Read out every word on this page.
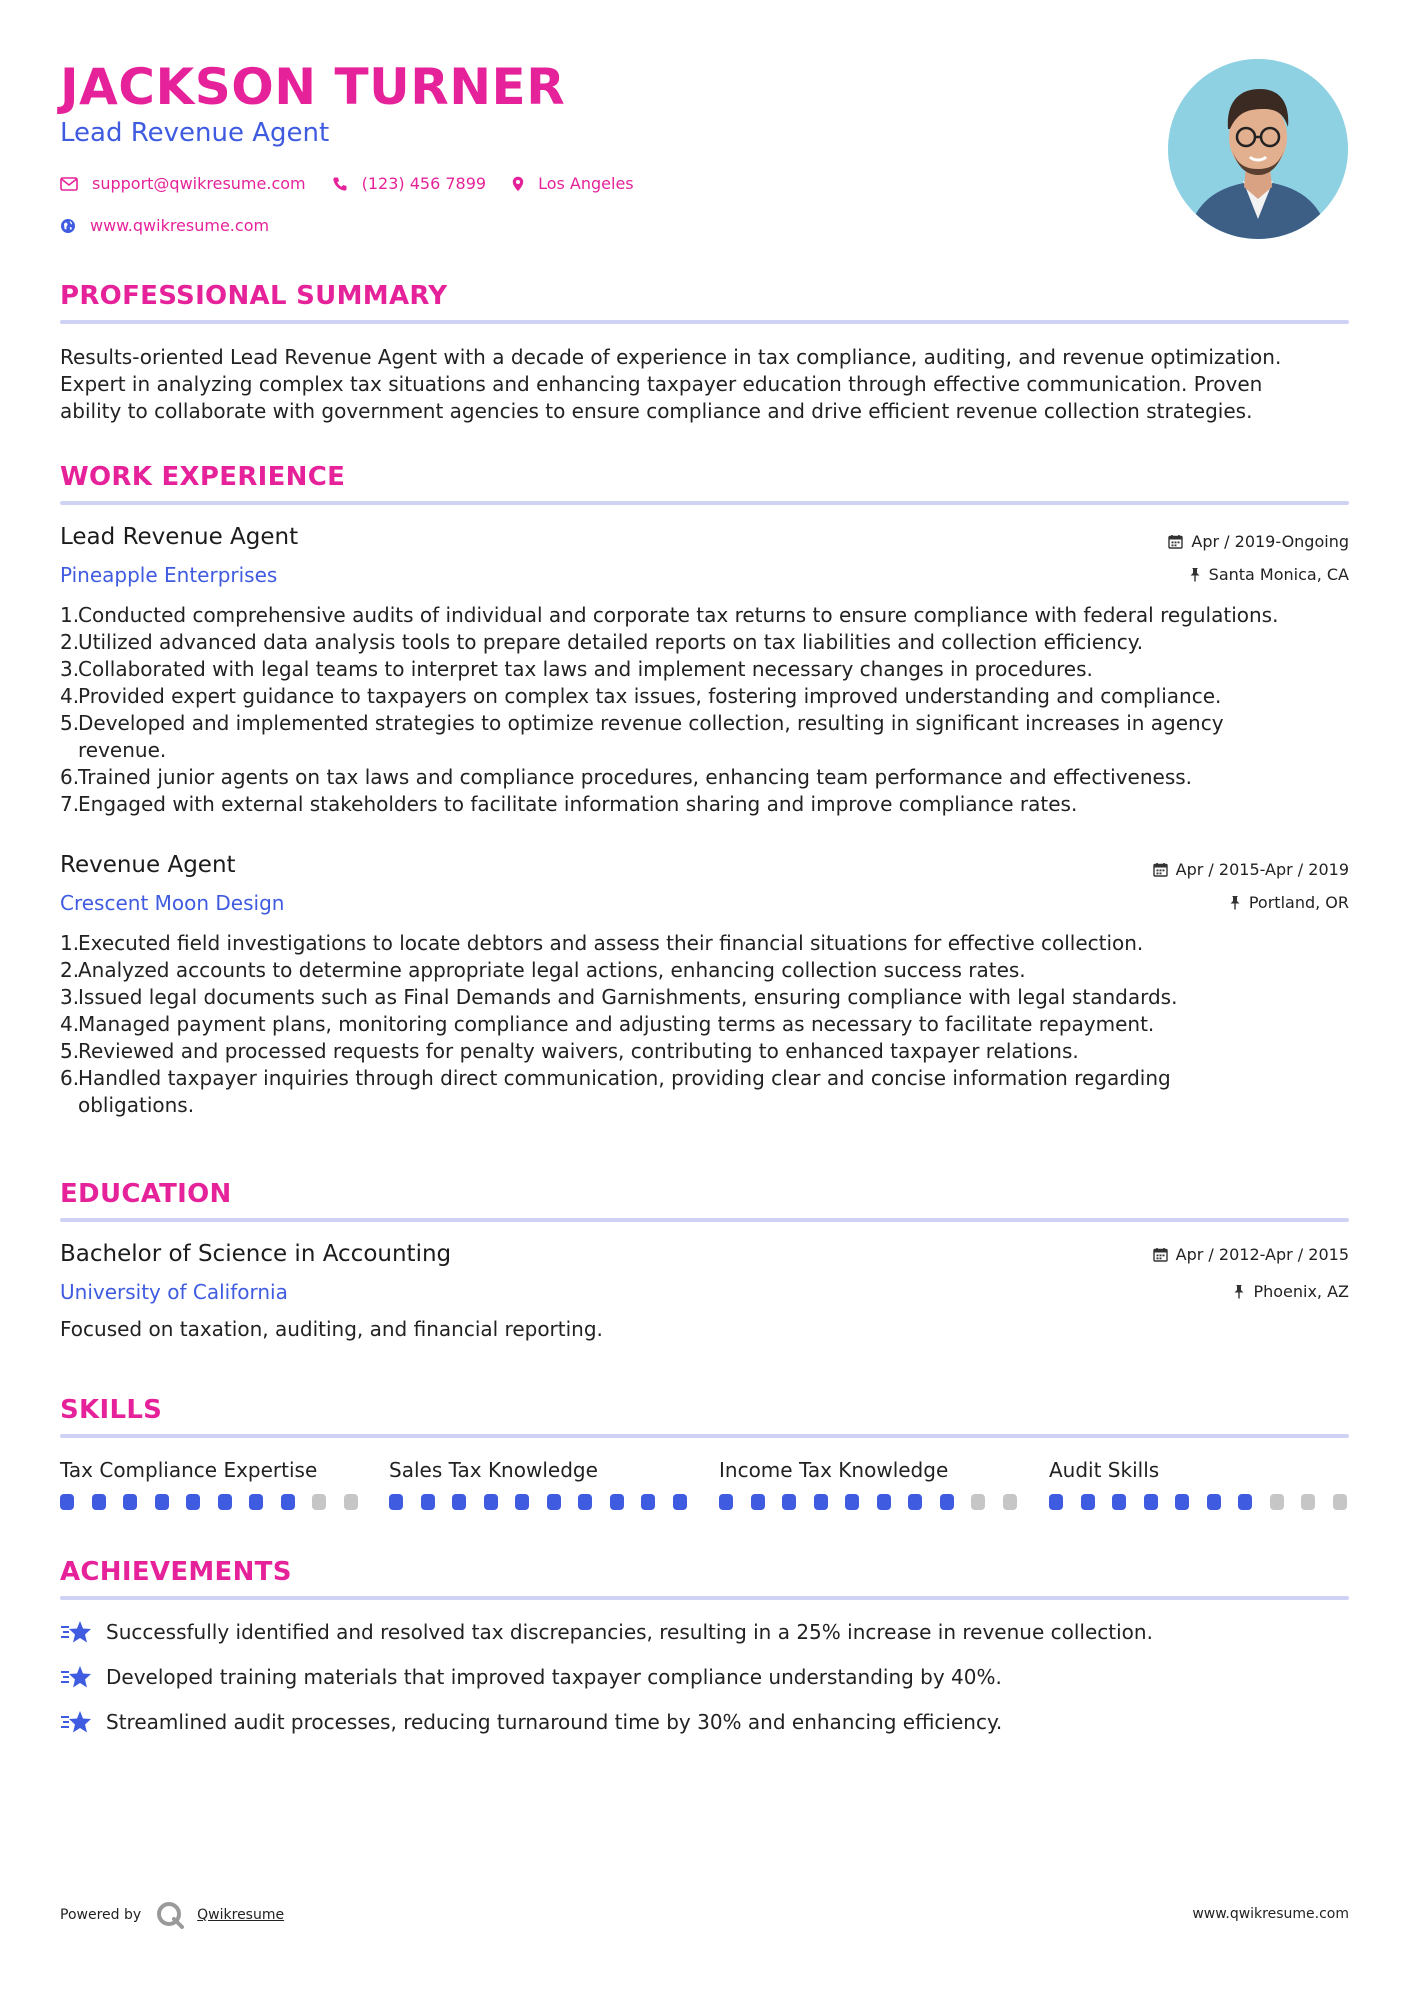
JACKSON TURNER
Lead Revenue Agent
support@qwikresume.com	(123) 456 7899	Los Angeles
www.qwikresume.com
PROFESSIONAL SUMMARY
Results-oriented Lead Revenue Agent with a decade of experience in tax compliance, auditing, and revenue optimization.
Expert in analyzing complex tax situations and enhancing taxpayer education through effective communication. Proven
ability to collaborate with government agencies to ensure compliance and drive efficient revenue collection strategies.
WORK EXPERIENCE
Lead Revenue Agent
Pineapple Enterprises
Apr / 2019-Ongoing
Santa Monica, CA
1.
Conducted comprehensive audits of individual and corporate tax returns to ensure compliance with federal regulations.
2.
Utilized advanced data analysis tools to prepare detailed reports on tax liabilities and collection efficiency.
3.
Collaborated with legal teams to interpret tax laws and implement necessary changes in procedures.
4.
Provided expert guidance to taxpayers on complex tax issues, fostering improved understanding and compliance.
5.
Developed and implemented strategies to optimize revenue collection, resulting in significant increases in agency
revenue.
6.
Trained junior agents on tax laws and compliance procedures, enhancing team performance and effectiveness.
7.
Engaged with external stakeholders to facilitate information sharing and improve compliance rates.
Revenue Agent
Crescent Moon Design
Apr / 2015-Apr / 2019
Portland, OR
1.
Executed field investigations to locate debtors and assess their financial situations for effective collection.
2.
Analyzed accounts to determine appropriate legal actions, enhancing collection success rates.
3.
Issued legal documents such as Final Demands and Garnishments, ensuring compliance with legal standards.
4.
Managed payment plans, monitoring compliance and adjusting terms as necessary to facilitate repayment.
5.
Reviewed and processed requests for penalty waivers, contributing to enhanced taxpayer relations.
6.
Handled taxpayer inquiries through direct communication, providing clear and concise information regarding
obligations.
EDUCATION
Bachelor of Science in Accounting
University of California
Apr / 2012-Apr / 2015
Phoenix, AZ
Focused on taxation, auditing, and financial reporting.
SKILLS
Tax Compliance Expertise	Sales Tax Knowledge	Income Tax Knowledge	Audit Skills
ACHIEVEMENTS
Successfully identified and resolved tax discrepancies, resulting in a 25% increase in revenue collection.
Developed training materials that improved taxpayer compliance understanding by 40%.
Streamlined audit processes, reducing turnaround time by 30% and enhancing efficiency.
Powered by	Qwikresume	www.qwikresume.com
